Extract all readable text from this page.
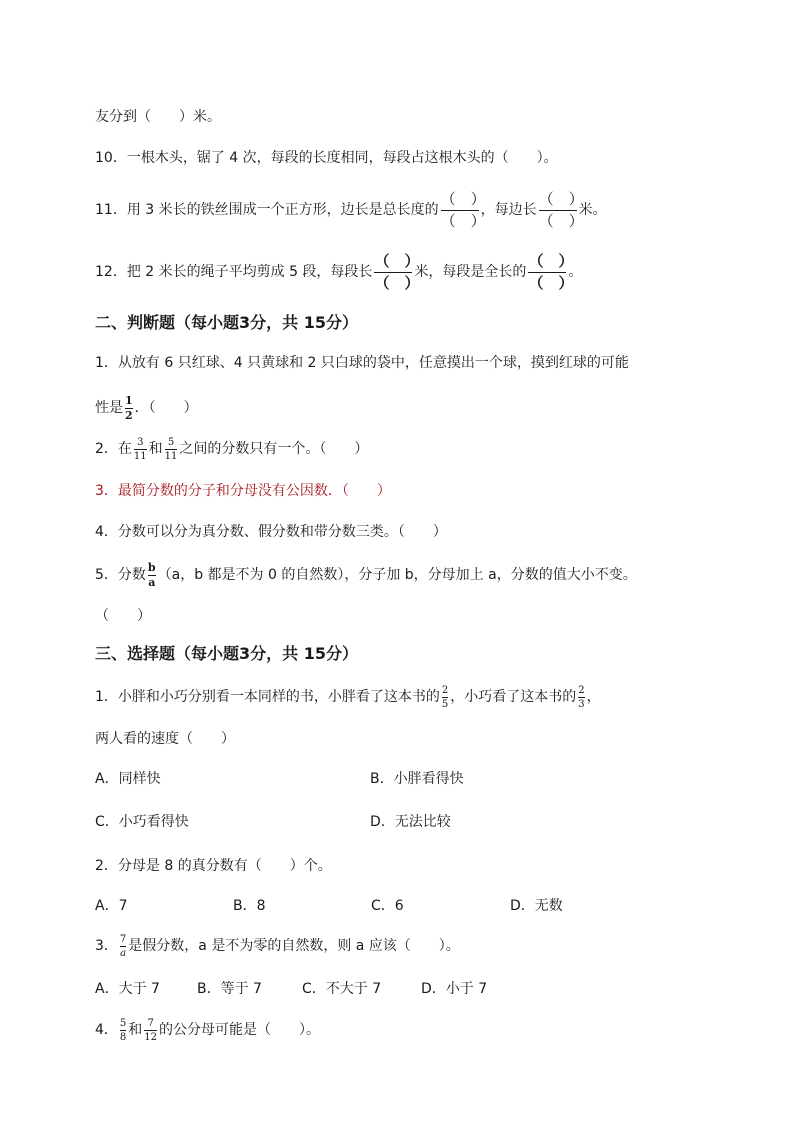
友分到（　　）米。
10．一根木头，锯了 4 次，每段的长度相同，每段占这根木头的（　　）。
11．用 3 米长的铁丝围成一个正方形，边长是总长度的
（　）
（　）
，每边长
（　）
（　）
米。
12．把 2 米长的绳子平均剪成 5 段，每段长
（　）
（　）
米，每段是全长的
（　）
（　）
。
二、判断题（每小题3分，共 15分）
1．从放有 6 只红球、4 只黄球和 2 只白球的袋中，任意摸出一个球，摸到红球的可能
性是 $\frac{1}{2}$ ．（　　）
2．在 $\frac{3}{11}$ 和 $\frac{5}{11}$ 之间的分数只有一个。（　　）
3．最简分数的分子和分母没有公因数．（　　）
4．分数可以分为真分数、假分数和带分数三类。（　　）
5．分数 $\frac{b}{a} (a$，b 都是不为 0 的自然数），分子加 b，分母加上 a，分数的值大小不变。
（　　）
三、选择题（每小题3分，共 15分）
1．小胖和小巧分别看一本同样的书，小胖看了这本书的 $\frac{2}{5}$ ，小巧看了这本书的 $\frac{2}{3}$ ，
两人看的速度（　　）
A．同样快	B．小胖看得快
C．小巧看得快	D．无法比较
2．分母是 8 的真分数有（　　）个。
A．7	B．8	C．6	D．无数
3． $\frac{7}{a}$ 是假分数，a 是不为零的自然数，则 a 应该（　　）。
A．大于 7	B．等于 7	C．不大于 7	D．小于 7
4． $\frac{5}{8}$ 和 $\frac{7}{12}$ 的公分母可能是（　　）。
